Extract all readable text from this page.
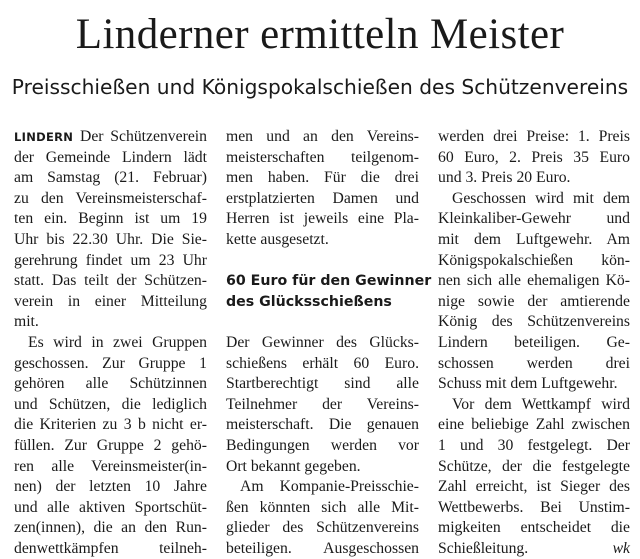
Linderner ermitteln Meister
Preisschießen und Königspokalschießen des Schützenvereins
LINDERN Der Schützenverein
der Gemeinde Lindern lädt
am Samstag (21. Februar)
zu den Vereinsmeisterschaf-
ten ein. Beginn ist um 19
Uhr bis 22.30 Uhr. Die Sie-
gerehrung findet um 23 Uhr
statt. Das teilt der Schützen-
verein in einer Mitteilung
mit.
Es wird in zwei Gruppen
geschossen. Zur Gruppe 1
gehören alle Schützinnen
und Schützen, die lediglich
die Kriterien zu 3 b nicht er-
füllen. Zur Gruppe 2 gehö-
ren alle Vereinsmeister(in-
nen) der letzten 10 Jahre
und alle aktiven Sportschüt-
zen(innen), die an den Run-
denwettkämpfen teilneh-
men und an den Vereins-
meisterschaften teilgenom-
men haben. Für die drei
erstplatzierten Damen und
Herren ist jeweils eine Pla-
kette ausgesetzt.
60 Euro für den Gewinner
des Glücksschießens
Der Gewinner des Glücks-
schießens erhält 60 Euro.
Startberechtigt sind alle
Teilnehmer der Vereins-
meisterschaft. Die genauen
Bedingungen werden vor
Ort bekannt gegeben.
Am Kompanie-Preisschie-
ßen könnten sich alle Mit-
glieder des Schützenvereins
beteiligen. Ausgeschossen
werden drei Preise: 1. Preis
60 Euro, 2. Preis 35 Euro
und 3. Preis 20 Euro.
Geschossen wird mit dem
Kleinkaliber-Gewehr und
mit dem Luftgewehr. Am
Königspokalschießen kön-
nen sich alle ehemaligen Kö-
nige sowie der amtierende
König des Schützenvereins
Lindern beteiligen. Ge-
schossen werden drei
Schuss mit dem Luftgewehr.
Vor dem Wettkampf wird
eine beliebige Zahl zwischen
1 und 30 festgelegt. Der
Schütze, der die festgelegte
Zahl erreicht, ist Sieger des
Wettbewerbs. Bei Unstim-
migkeiten entscheidet die
Schießleitung.	wk
